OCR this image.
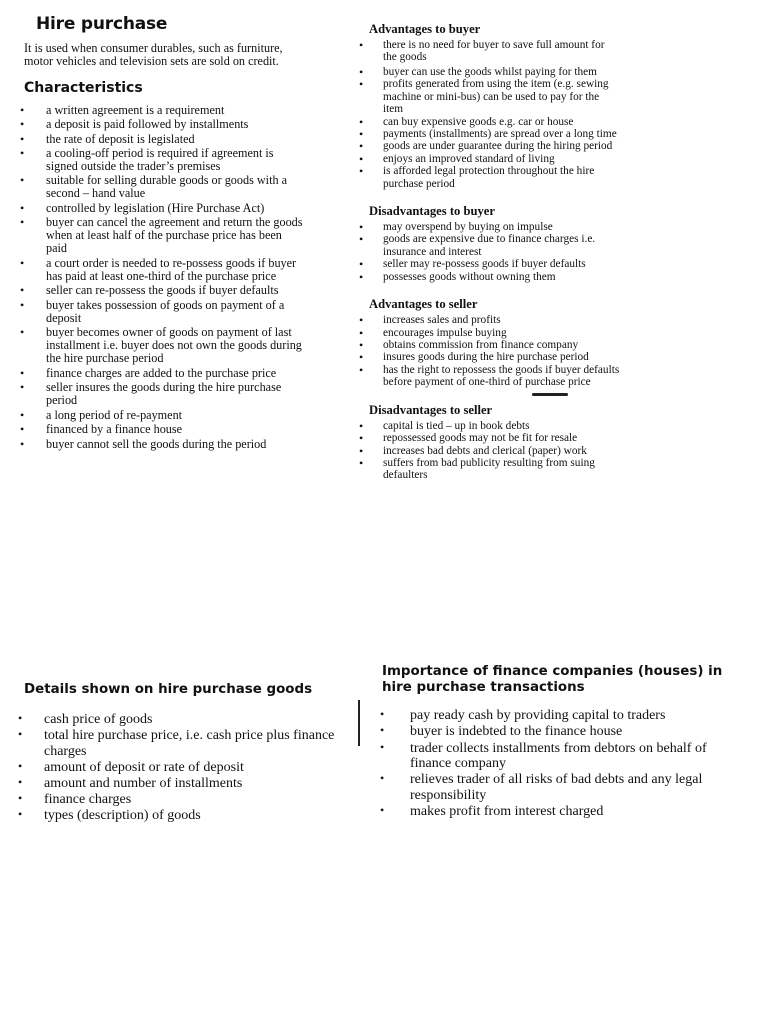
Hire purchase

It is used when consumer durables, such as furniture, motor vehicles and television sets are sold on credit.

Characteristics
• a written agreement is a requirement
• a deposit is paid followed by installments
• the rate of deposit is legislated
• a cooling-off period is required if agreement is signed outside the trader’s premises
• suitable for selling durable goods or goods with a second – hand value
• controlled by legislation (Hire Purchase Act)
• buyer can cancel the agreement and return the goods when at least half of the purchase price has been paid
• a court order is needed to re-possess goods if buyer has paid at least one-third of the purchase price
• seller can re-possess the goods if buyer defaults
• buyer takes possession of goods on payment of a deposit
• buyer becomes owner of goods on payment of last installment i.e. buyer does not own the goods during the hire purchase period
• finance charges are added to the purchase price
• seller insures the goods during the hire purchase period
• a long period of re-payment
• financed by a finance house
• buyer cannot sell the goods during the period
Advantages to buyer
• there is no need for buyer to save full amount for the goods
• buyer can use the goods whilst paying for them
• profits generated from using the item (e.g. sewing machine or mini-bus) can be used to pay for the item
• can buy expensive goods e.g. car or house
• payments (installments) are spread over a long time
• goods are under guarantee during the hiring period
• enjoys an improved standard of living
• is afforded legal protection throughout the hire purchase period
Disadvantages to buyer
• may overspend by buying on impulse
• goods are expensive due to finance charges i.e. insurance and interest
• seller may re-possess goods if buyer defaults
• possesses goods without owning them
Advantages to seller
• increases sales and profits
• encourages impulse buying
• obtains commission from finance company
• insures goods during the hire purchase period
• has the right to repossess the goods if buyer defaults before payment of one-third of purchase price
Disadvantages to seller
• capital is tied – up in book debts
• repossessed goods may not be fit for resale
• increases bad debts and clerical (paper) work
• suffers from bad publicity resulting from suing defaulters
Details shown on hire purchase goods
• cash price of goods
• total hire purchase price, i.e. cash price plus finance charges
• amount of deposit or rate of deposit
• amount and number of installments
• finance charges
• types (description) of goods
Importance of finance companies (houses) in hire purchase transactions
• pay ready cash by providing capital to traders
• buyer is indebted to the finance house
• trader collects installments from debtors on behalf of finance company
• relieves trader of all risks of bad debts and any legal responsibility
• makes profit from interest charged
